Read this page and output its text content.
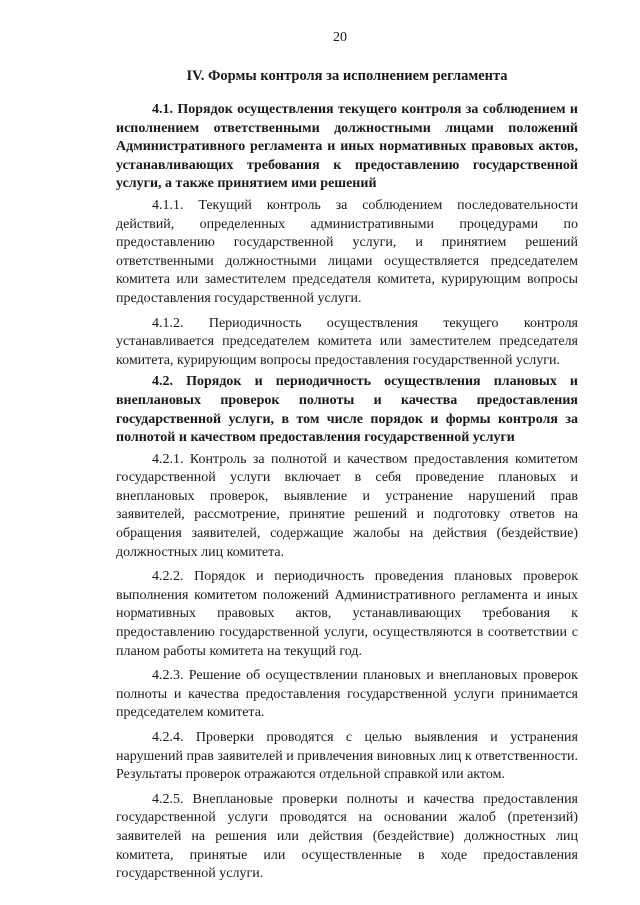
20
IV. Формы контроля за исполнением регламента

4.1. Порядок осуществления текущего контроля за соблюдением и исполнением ответственными должностными лицами положений Административного регламента и иных нормативных правовых актов, устанавливающих требования к предоставлению государственной услуги, а также принятием ими решений

4.1.1. Текущий контроль за соблюдением последовательности действий, определенных административными процедурами по предоставлению государственной услуги, и принятием решений ответственными должностными лицами осуществляется председателем комитета или заместителем председателя комитета, курирующим вопросы предоставления государственной услуги.

4.1.2. Периодичность осуществления текущего контроля устанавливается председателем комитета или заместителем председателя комитета, курирующим вопросы предоставления государственной услуги.

4.2. Порядок и периодичность осуществления плановых и внеплановых проверок полноты и качества предоставления государственной услуги, в том числе порядок и формы контроля за полнотой и качеством предоставления государственной услуги

4.2.1. Контроль за полнотой и качеством предоставления комитетом государственной услуги включает в себя проведение плановых и внеплановых проверок, выявление и устранение нарушений прав заявителей, рассмотрение, принятие решений и подготовку ответов на обращения заявителей, содержащие жалобы на действия (бездействие) должностных лиц комитета.

4.2.2. Порядок и периодичность проведения плановых проверок выполнения комитетом положений Административного регламента и иных нормативных правовых актов, устанавливающих требования к предоставлению государственной услуги, осуществляются в соответствии с планом работы комитета на текущий год.

4.2.3. Решение об осуществлении плановых и внеплановых проверок полноты и качества предоставления государственной услуги принимается председателем комитета.

4.2.4. Проверки проводятся с целью выявления и устранения нарушений прав заявителей и привлечения виновных лиц к ответственности. Результаты проверок отражаются отдельной справкой или актом.

4.2.5. Внеплановые проверки полноты и качества предоставления государственной услуги проводятся на основании жалоб (претензий) заявителей на решения или действия (бездействие) должностных лиц комитета, принятые или осуществленные в ходе предоставления государственной услуги.
